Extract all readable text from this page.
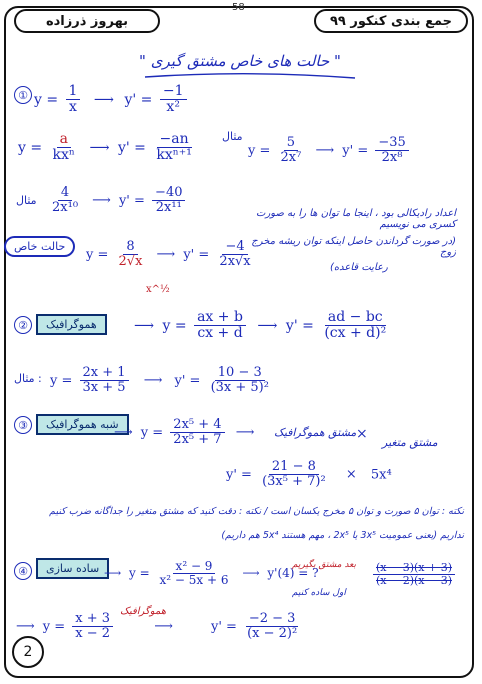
58
بهروز ذرزاده	جمع بندی کنکور ۹۹
" حالت های خاص مشتق گیری "
① $y = \frac{1}{x}$ ⟶ $y' = \frac{-1}{\text{x²}}$
$y = \frac{a}{\text{kxⁿ}}$ ⟶ $y' = \frac{-an}{\text{kxⁿ⁺¹}}$ مثال
$y = \frac{5}{\text{2x⁷}}$ ⟶ $y' = \frac{-35}{\text{2x⁸}}$
مثال $\frac{4}{\text{2x¹⁰}}$ ⟶ $y' = \frac{-40}{\text{2x¹¹}}$	اعداد رادیکالی بود ، اینجا ما توان ها را به صورت کسری می نویسیم
(در صورت گرداندن حاصل اینکه توان ریشه مخرج زوج
رعایت قاعده)
حالت خاص
$y = \frac{8}{2√x}$ ⟶ $y' = \frac{-4}{2x√x}$
x^½
②	هموگرافیک	⟶ $y = \frac{ax + b}{cx + d}$ ⟶ $y' = \frac{ad - bc}{\text{(cx + d)²}}$
مثال : $y = \frac{2x + 1}{3x + 5}$ ⟶ $y' = \frac{10 - 3}{\text{(3x + 5)²}}$
③	شبه هموگرافیک
⟶ $y = \frac{\text{2x⁵ + 4}}{\text{2x⁵ + 7}}$ ⟶	مشتق هموگرافیک ×
مشتق متغیر
$y' = \frac{21 - 8}{\text{(3x⁵ + 7)²}} \times 5x^4$
نکته : توان ۵ صورت و توان ۵ مخرج یکسان است / نکته : دقت کنید که مشتق متغیر را جداگانه ضرب کنیم
نداریم (یعنی عمومیت 3x⁵ یا 2x⁵ ، مهم هستند 5x⁴ هم داریم)
④	ساده سازی ⟶ $y = \frac{\text{x² − 9}}{\text{x² − 5x + 6}}$ ⟶ y'(4) = ?
بعد مشتق بگیریم
اول ساده کنیم
$\frac{(x - 3)(x + 3)}{(x - 2)(x - 3)}$
⟶ $y = \frac{x + 3}{x - 2}$	⟶	$y' = \frac{-2 - 3}{\text{(x − 2)²}}$
هموگرافیک
2
